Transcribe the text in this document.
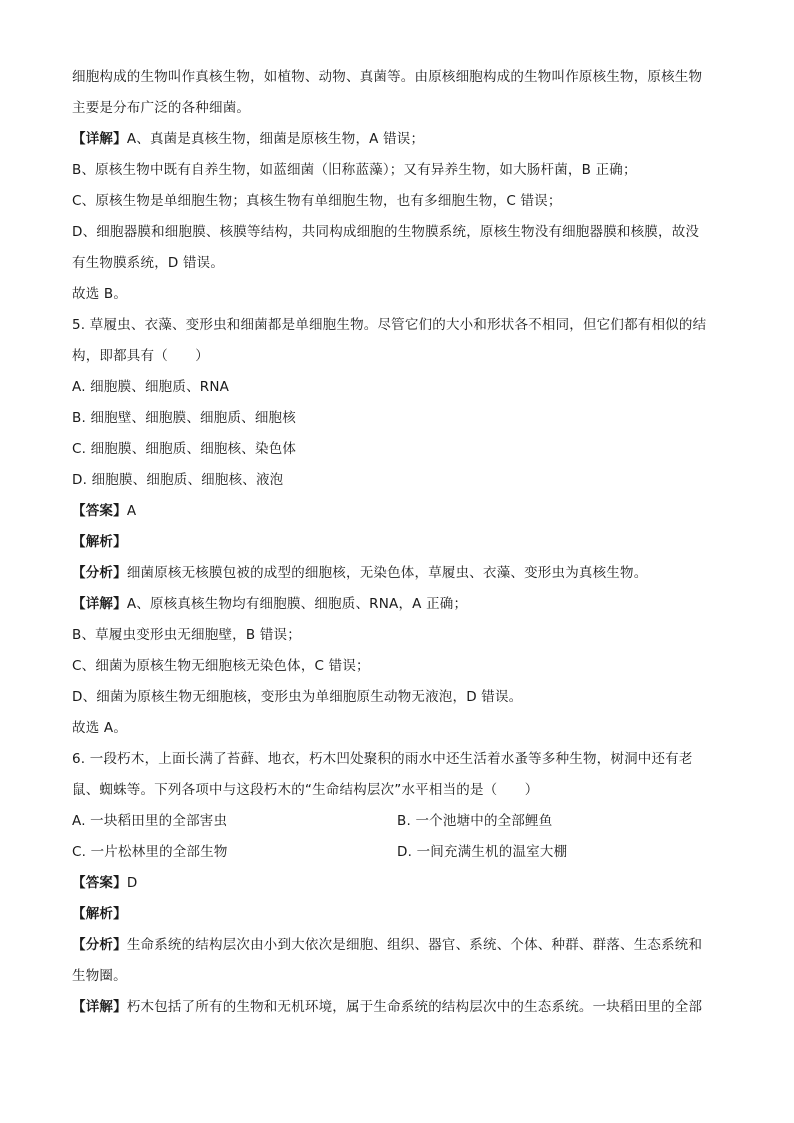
细胞构成的生物叫作真核生物，如植物、动物、真菌等。由原核细胞构成的生物叫作原核生物，原核生物
主要是分布广泛的各种细菌。
【详解】A、真菌是真核生物，细菌是原核生物，A 错误；
B、原核生物中既有自养生物，如蓝细菌（旧称蓝藻）；又有异养生物，如大肠杆菌，B 正确；
C、原核生物是单细胞生物；真核生物有单细胞生物，也有多细胞生物，C 错误；
D、细胞器膜和细胞膜、核膜等结构，共同构成细胞的生物膜系统，原核生物没有细胞器膜和核膜，故没
有生物膜系统，D 错误。
故选 B。
5. 草履虫、衣藻、变形虫和细菌都是单细胞生物。尽管它们的大小和形状各不相同，但它们都有相似的结
构，即都具有（　　）
A. 细胞膜、细胞质、RNA
B. 细胞壁、细胞膜、细胞质、细胞核
C. 细胞膜、细胞质、细胞核、染色体
D. 细胞膜、细胞质、细胞核、液泡
【答案】A
【解析】
【分析】细菌原核无核膜包被的成型的细胞核，无染色体，草履虫、衣藻、变形虫为真核生物。
【详解】A、原核真核生物均有细胞膜、细胞质、RNA，A 正确；
B、草履虫变形虫无细胞壁，B 错误；
C、细菌为原核生物无细胞核无染色体，C 错误；
D、细菌为原核生物无细胞核，变形虫为单细胞原生动物无液泡，D 错误。
故选 A。
6. 一段朽木，上面长满了苔藓、地衣，朽木凹处聚积的雨水中还生活着水蚤等多种生物，树洞中还有老
鼠、蜘蛛等。下列各项中与这段朽木的“生命结构层次”水平相当的是（　　）
A. 一块稻田里的全部害虫	B. 一个池塘中的全部鲤鱼
C. 一片松林里的全部生物	D. 一间充满生机的温室大棚
【答案】D
【解析】
【分析】生命系统的结构层次由小到大依次是细胞、组织、器官、系统、个体、种群、群落、生态系统和
生物圈。
【详解】朽木包括了所有的生物和无机环境，属于生命系统的结构层次中的生态系统。一块稻田里的全部
